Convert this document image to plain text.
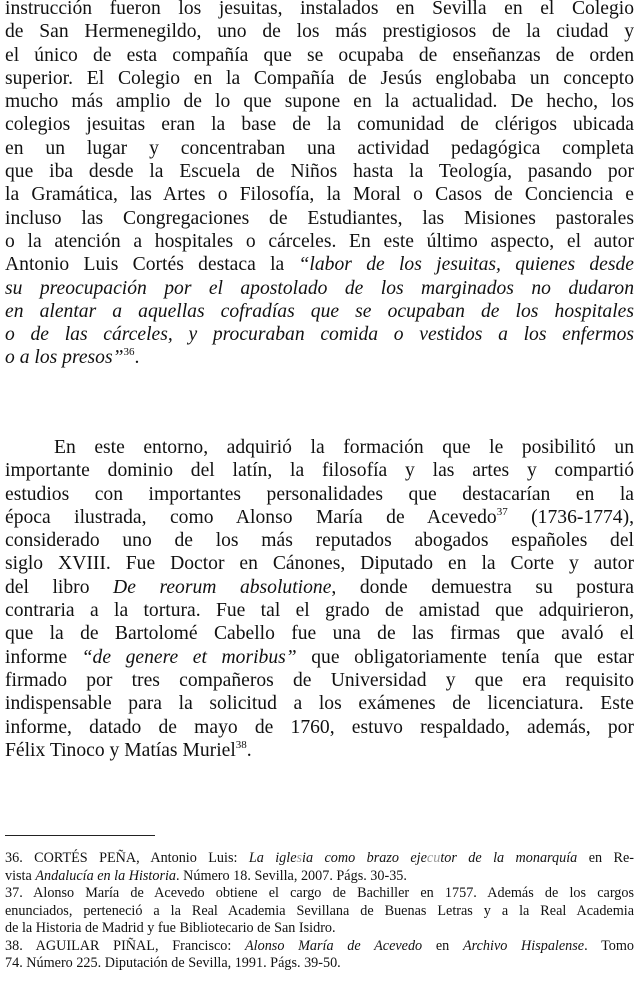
instrucción fueron los jesuitas, instalados en Sevilla en el Colegio
de San Hermenegildo, uno de los más prestigiosos de la ciudad y
el único de esta compañía que se ocupaba de enseñanzas de orden
superior. El Colegio en la Compañía de Jesús englobaba un concepto
mucho más amplio de lo que supone en la actualidad. De hecho, los
colegios jesuitas eran la base de la comunidad de clérigos ubicada
en un lugar y concentraban una actividad pedagógica completa
que iba desde la Escuela de Niños hasta la Teología, pasando por
la Gramática, las Artes o Filosofía, la Moral o Casos de Conciencia e
incluso las Congregaciones de Estudiantes, las Misiones pastorales
o la atención a hospitales o cárceles. En este último aspecto, el autor
Antonio Luis Cortés destaca la “labor de los jesuitas, quienes desde
su preocupación por el apostolado de los marginados no dudaron
en alentar a aquellas cofradías que se ocupaban de los hospitales
o de las cárceles, y procuraban comida o vestidos a los enfermos
o a los presos”$^{36}$.
En este entorno, adquirió la formación que le posibilitó un
importante dominio del latín, la filosofía y las artes y compartió
estudios con importantes personalidades que destacarían en la
época ilustrada, como Alonso María de Acevedo$^{37}$ (1736-1774),
considerado uno de los más reputados abogados españoles del
siglo XVIII. Fue Doctor en Cánones, Diputado en la Corte y autor
del libro De reorum absolutione, donde demuestra su postura
contraria a la tortura. Fue tal el grado de amistad que adquirieron,
que la de Bartolomé Cabello fue una de las firmas que avaló el
informe “de genere et moribus” que obligatoriamente tenía que estar
firmado por tres compañeros de Universidad y que era requisito
indispensable para la solicitud a los exámenes de licenciatura. Este
informe, datado de mayo de 1760, estuvo respaldado, además, por
Félix Tinoco y Matías Muriel$^{38}$.
36. CORTÉS PEÑA, Antonio Luis: La iglesia como brazo ejecutor de la monarquía en Re-
vista Andalucía en la Historia. Número 18. Sevilla, 2007. Págs. 30-35.
37. Alonso María de Acevedo obtiene el cargo de Bachiller en 1757. Además de los cargos
enunciados, perteneció a la Real Academia Sevillana de Buenas Letras y a la Real Academia
de la Historia de Madrid y fue Bibliotecario de San Isidro.
38. AGUILAR PIÑAL, Francisco: Alonso María de Acevedo en Archivo Hispalense. Tomo
74. Número 225. Diputación de Sevilla, 1991. Págs. 39-50.
